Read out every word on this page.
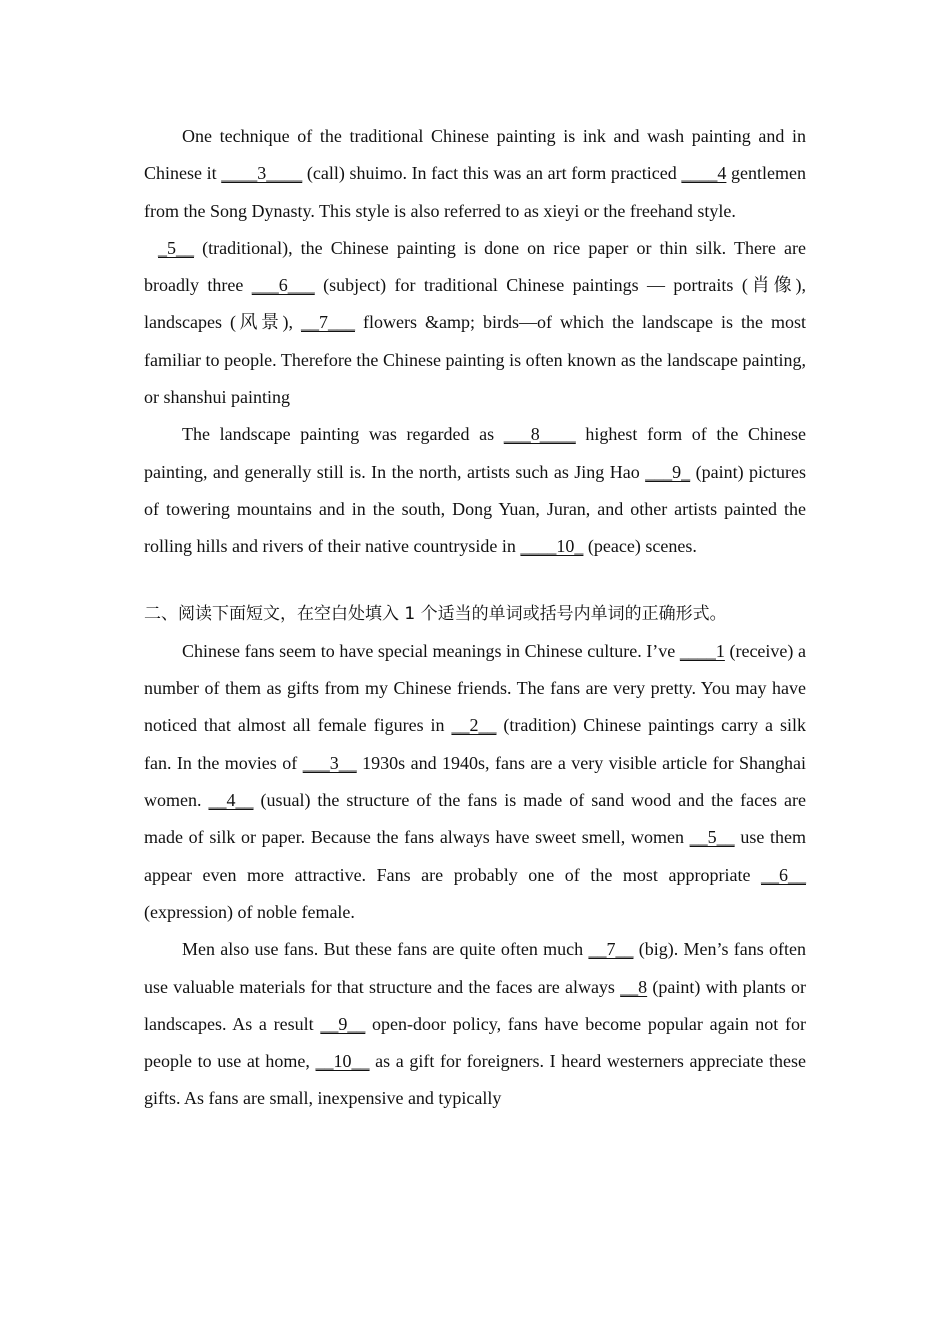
One technique of the traditional Chinese painting is ink and wash painting and in Chinese it ____3____ (call) shuimo. In fact this was an art form practiced ____4 gentlemen from the Song Dynasty. This style is also referred to as xieyi or the freehand style.

_5__ (traditional), the Chinese painting is done on rice paper or thin silk. There are broadly three ___6___ (subject) for traditional Chinese paintings — portraits (肖像), landscapes (风景), __7___ flowers &amp; birds—of which the landscape is the most familiar to people. Therefore the Chinese painting is often known as the landscape painting, or shanshui painting

The landscape painting was regarded as ___8____ highest form of the Chinese painting, and generally still is. In the north, artists such as Jing Hao ___9_ (paint) pictures of towering mountains and in the south, Dong Yuan, Juran, and other artists painted the rolling hills and rivers of their native countryside in ____10_ (peace) scenes.

二、阅读下面短文，在空白处填入 1 个适当的单词或括号内单词的正确形式。

Chinese fans seem to have special meanings in Chinese culture. I’ve ____1 (receive) a number of them as gifts from my Chinese friends. The fans are very pretty. You may have noticed that almost all female figures in __2__ (tradition) Chinese paintings carry a silk fan. In the movies of ___3__ 1930s and 1940s, fans are a very visible article for Shanghai women. __4__ (usual) the structure of the fans is made of sand wood and the faces are made of silk or paper. Because the fans always have sweet smell, women __5__ use them appear even more attractive. Fans are probably one of the most appropriate __6__ (expression) of noble female.

Men also use fans. But these fans are quite often much __7__ (big). Men’s fans often use valuable materials for that structure and the faces are always __8 (paint) with plants or landscapes. As a result __9__ open-door policy, fans have become popular again not for people to use at home, __10__ as a gift for foreigners. I heard westerners appreciate these gifts. As fans are small, inexpensive and typically
